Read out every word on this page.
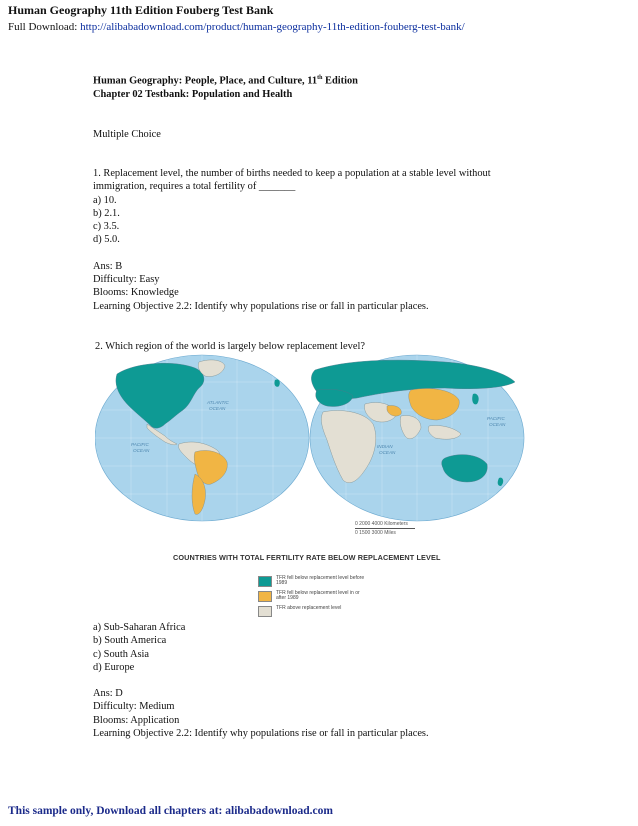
Human Geography 11th Edition Fouberg Test Bank
Full Download: http://alibabadownload.com/product/human-geography-11th-edition-fouberg-test-bank/
Human Geography: People, Place, and Culture, 11th Edition
Chapter 02 Testbank: Population and Health
Multiple Choice
1. Replacement level, the number of births needed to keep a population at a stable level without
immigration, requires a total fertility of _______
a) 10.
b) 2.1.
c) 3.5.
d) 5.0.
Ans: B
Difficulty: Easy
Blooms: Knowledge
Learning Objective 2.2: Identify why populations rise or fall in particular places.
2. Which region of the world is largely below replacement level?
ATLANTIC
OCEAN
PACIFIC
OCEAN
INDIAN
OCEAN
PACIFIC
OCEAN
0 2000 4000 Kilometers
0 1500 3000 Miles
COUNTRIES WITH TOTAL FERTILITY RATE BELOW REPLACEMENT LEVEL
TFR fell below replacement level before 1989
TFR fell below replacement level in or after 1989
TFR above replacement level
a) Sub-Saharan Africa
b) South America
c) South Asia
d) Europe
Ans: D
Difficulty: Medium
Blooms: Application
Learning Objective 2.2: Identify why populations rise or fall in particular places.
This sample only, Download all chapters at: alibabadownload.com
